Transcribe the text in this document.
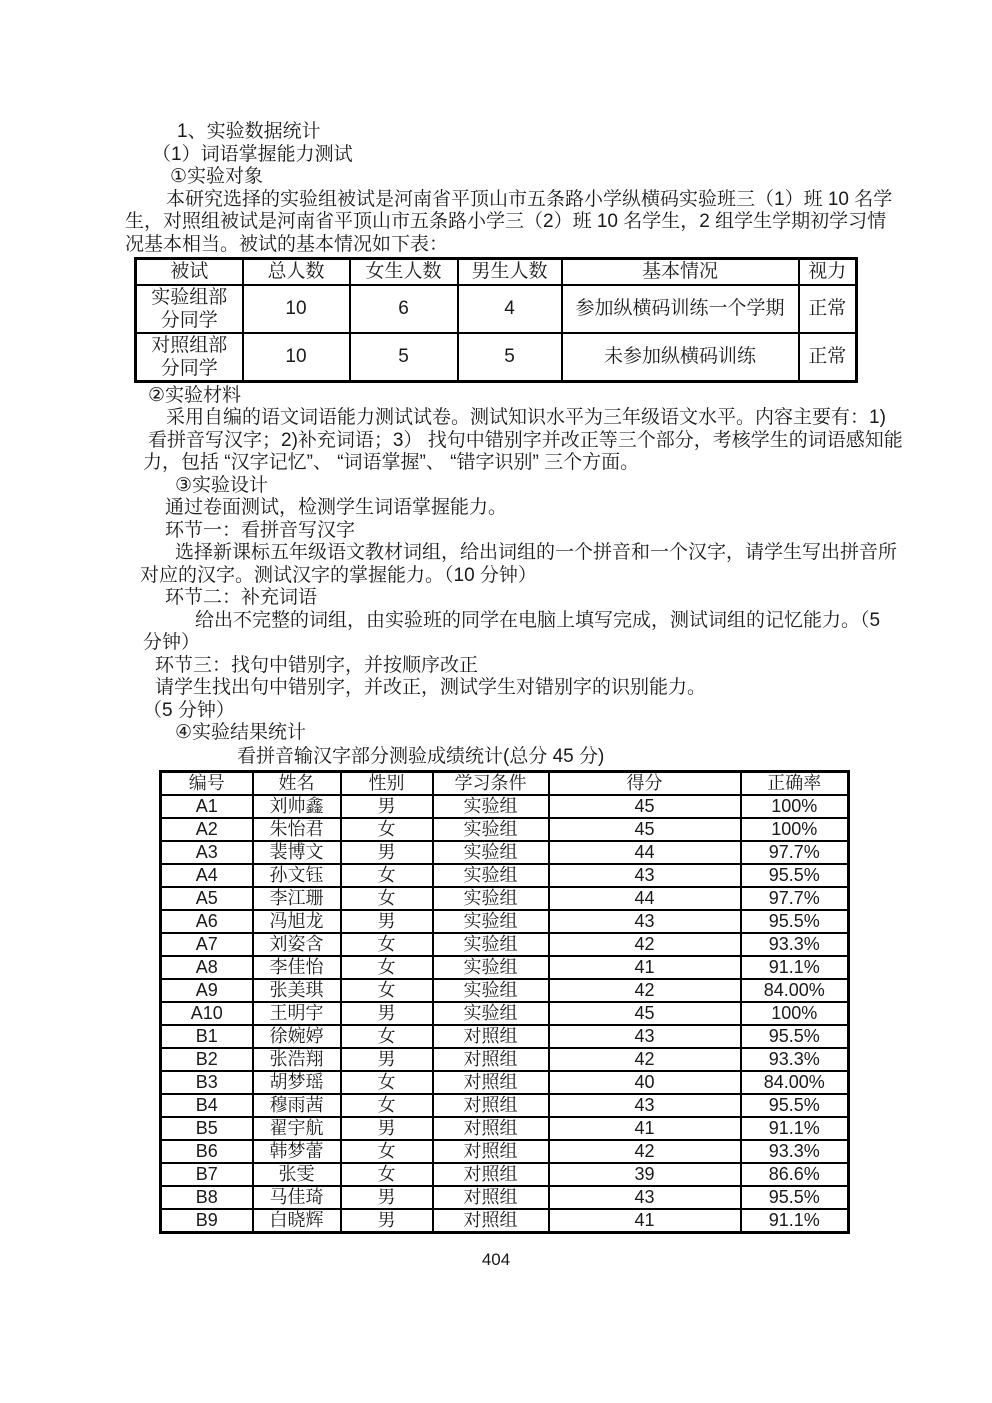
1、实验数据统计
（1）词语掌握能力测试
①实验对象
本研究选择的实验组被试是河南省平顶山市五条路小学纵横码实验班三（1）班 10 名学
生，对照组被试是河南省平顶山市五条路小学三（2）班 10 名学生，2 组学生学期初学习情
况基本相当。被试的基本情况如下表：
被试	总人数	女生人数	男生人数	基本情况	视力
实验组部分同学	10	6	4	参加纵横码训练一个学期	正常
对照组部分同学	10	5	5	未参加纵横码训练	正常
②实验材料
采用自编的语文词语能力测试试卷。测试知识水平为三年级语文水平。内容主要有：1)
看拼音写汉字；2)补充词语；3） 找句中错别字并改正等三个部分，考核学生的词语感知能
力，包括 “汉字记忆”、 “词语掌握”、 “错字识别” 三个方面。
③实验设计
通过卷面测试，检测学生词语掌握能力。
环节一：看拼音写汉字
选择新课标五年级语文教材词组，给出词组的一个拼音和一个汉字，请学生写出拼音所
对应的汉字。测试汉字的掌握能力。（10 分钟）
环节二：补充词语
给出不完整的词组，由实验班的同学在电脑上填写完成，测试词组的记忆能力。（5
分钟）
环节三：找句中错别字，并按顺序改正
请学生找出句中错别字，并改正，测试学生对错别字的识别能力。
（5 分钟）
④实验结果统计
看拼音输汉字部分测验成绩统计(总分 45 分)
编号	姓名	性别	学习条件	得分	正确率
A1	刘帅鑫	男	实验组	45	100%
A2	朱怡君	女	实验组	45	100%
A3	裴博文	男	实验组	44	97.7%
A4	孙文钰	女	实验组	43	95.5%
A5	李江珊	女	实验组	44	97.7%
A6	冯旭龙	男	实验组	43	95.5%
A7	刘姿含	女	实验组	42	93.3%
A8	李佳怡	女	实验组	41	91.1%
A9	张美琪	女	实验组	42	84.00%
A10	王明宇	男	实验组	45	100%
B1	徐婉婷	女	对照组	43	95.5%
B2	张浩翔	男	对照组	42	93.3%
B3	胡梦瑶	女	对照组	40	84.00%
B4	穆雨茜	女	对照组	43	95.5%
B5	翟宇航	男	对照组	41	91.1%
B6	韩梦蕾	女	对照组	42	93.3%
B7	张雯	女	对照组	39	86.6%
B8	马佳琦	男	对照组	43	95.5%
B9	白晓辉	男	对照组	41	91.1%
404
